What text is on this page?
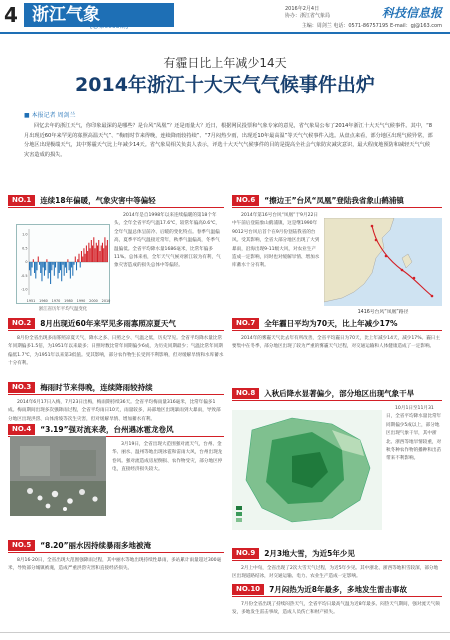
4 浙江气象
[总第0095期]
2016年2月4日
协办：浙江省气象局	科技信息报
主编：周剑兰 电话：0571-86757195 E-mail：gj@163.com
有霾日比上年减少14天
2014年浙江十大天气气候事件出炉
■ 本报记者 周剑兰
回忆去年的浙江天气，你印象最深的是哪些？是台风“凤凰”？还是雨量大？近日，根据网民投票和气象专家的意见，省气象局公布了2014年浙江十大天气气候事件。其中，“8月出现近60年来罕见的寡照高温天气”、“梅雨时节来得晚，连续降雨较持续”、“7月闷热少雨，出现近10年最高温”等天气气候事件入选。从盘点来看，部分地区出现气候异常，部分地区出现极端天气，其中雾霾天气比上年减少14天。省气象局相关负责人表示，评选十大天气气候事件的目的是提高全社会气象防灾减灾意识，最大程度地预防和减轻天气气候灾害造成的损失。
NO.1	连续18年偏暖，气象灾害中等偏轻
2014年是自1998年以来连续偏暖的第18个年头，全年全省平均气温17.6℃，较常年偏高0.6℃，全年气温总体呈前冷、后暖的变化特点。春季气温偏高，夏季平均气温接近常年，秋季气温偏高，冬季气温偏低。全省平均降水量1686毫米，比常年偏多11%。总体来看，全年天气气候对浙江较为有利，气象灾害造成的损失总体中等偏轻。
1.0
0.5
0
-0.5
-1.0
1951 1960 1970 1980 1990 2000 2010
浙江省历年平均气温变化
NO.2	8月出现近60年来罕见多雨寡照凉夏天气
8月份全省出现多雨寡照凉夏天气，降水之多、日照之少、气温之低，历史罕见。全省平均降水量比常年同期偏多1.5倍，为1951年以来最多；日照时数比常年同期偏少6成，为历史同期最少；气温比常年同期偏低1.7℃，为1951年以来第3低值。受其影响，部分农作物生长受到不利影响，但对缓解旱情和水库蓄水十分有利。
NO.3	梅雨时节来得晚，连续降雨较持续
2014年6月17日入梅，7月23日出梅，梅雨期持续36天。全省平均梅雨量316毫米，比常年偏多1成。梅雨期间出现多次强降雨过程，全省平均雨日10天，雨量较多，局部地区出现暴雨到大暴雨，导致部分地区出现洪涝、山体滑坡等次生灾害，但对缓解旱情、增加蓄水有利。
NO.4	“3.19”强对流来袭，台州遇冰雹龙卷风
3月19日，全省出现大范围强对流天气，台州、金华、丽水、温州等地出现冰雹和雷雨大风，台州出现龙卷风。强对流造成房屋倒损、农作物受灾，部分地区停电，直接经济损失较大。
NO.5	“8.20”丽水因持续暴雨多地被淹
8月16-20日，全省出现大范围强降雨过程，其中丽水等地出现持续性暴雨，多站累计雨量超过300毫米，导致部分城镇被淹，造成严重洪涝灾害和直接经济损失。
NO.6	“擦边王”台风“凤凰”登陆我省象山鹤浦镇
2014年第16号台风“凤凰”于9月22日中午前后登陆象山鹤浦镇，这是继1990年9012号台风后首个在9月份登陆我省的台风。受其影响，全省大部分地区出现了大到暴雨，沿海出现9-11级大风，对农业生产造成一定影响，同时也对缓解旱情、增加水库蓄水十分有利。
1416号台风“凤凰”路径
NO.7	全年霾日平均为70天，比上年减少17%
2014年的雾霾天气比去年有所改善，全省平均霾日为70天，比上年减少14天，减少17%。霾日主要集中在冬季，部分地区出现了较为严重的雾霾天气过程，对交通运输和人体健康造成了一定影响。
NO.8	入秋后降水显著偏少，部分地区出现气象干旱
10月1日至11月31日，全省平均降水量比常年同期偏少5成以上，部分地区出现气象干旱，其中浙北、浙西等地旱情较重，对秋冬种农作物的播种和出苗带来不利影响。
NO.9	2月3地大雪，为近5年少见
2月上中旬，全省出现了2次大雪天气过程，为近5年少见。其中浙北、浙西等地积雪较深，部分地区出现道路结冰，对交通运输、电力、农业生产造成一定影响。
NO.10	7月闷热为近8年最多，多地发生雷击事故
7月份全省出现了持续闷热天气，全省平均日最高气温为近8年最多。闷热天气期间，强对流天气频发，多地发生雷击事故，造成人员伤亡和财产损失。
